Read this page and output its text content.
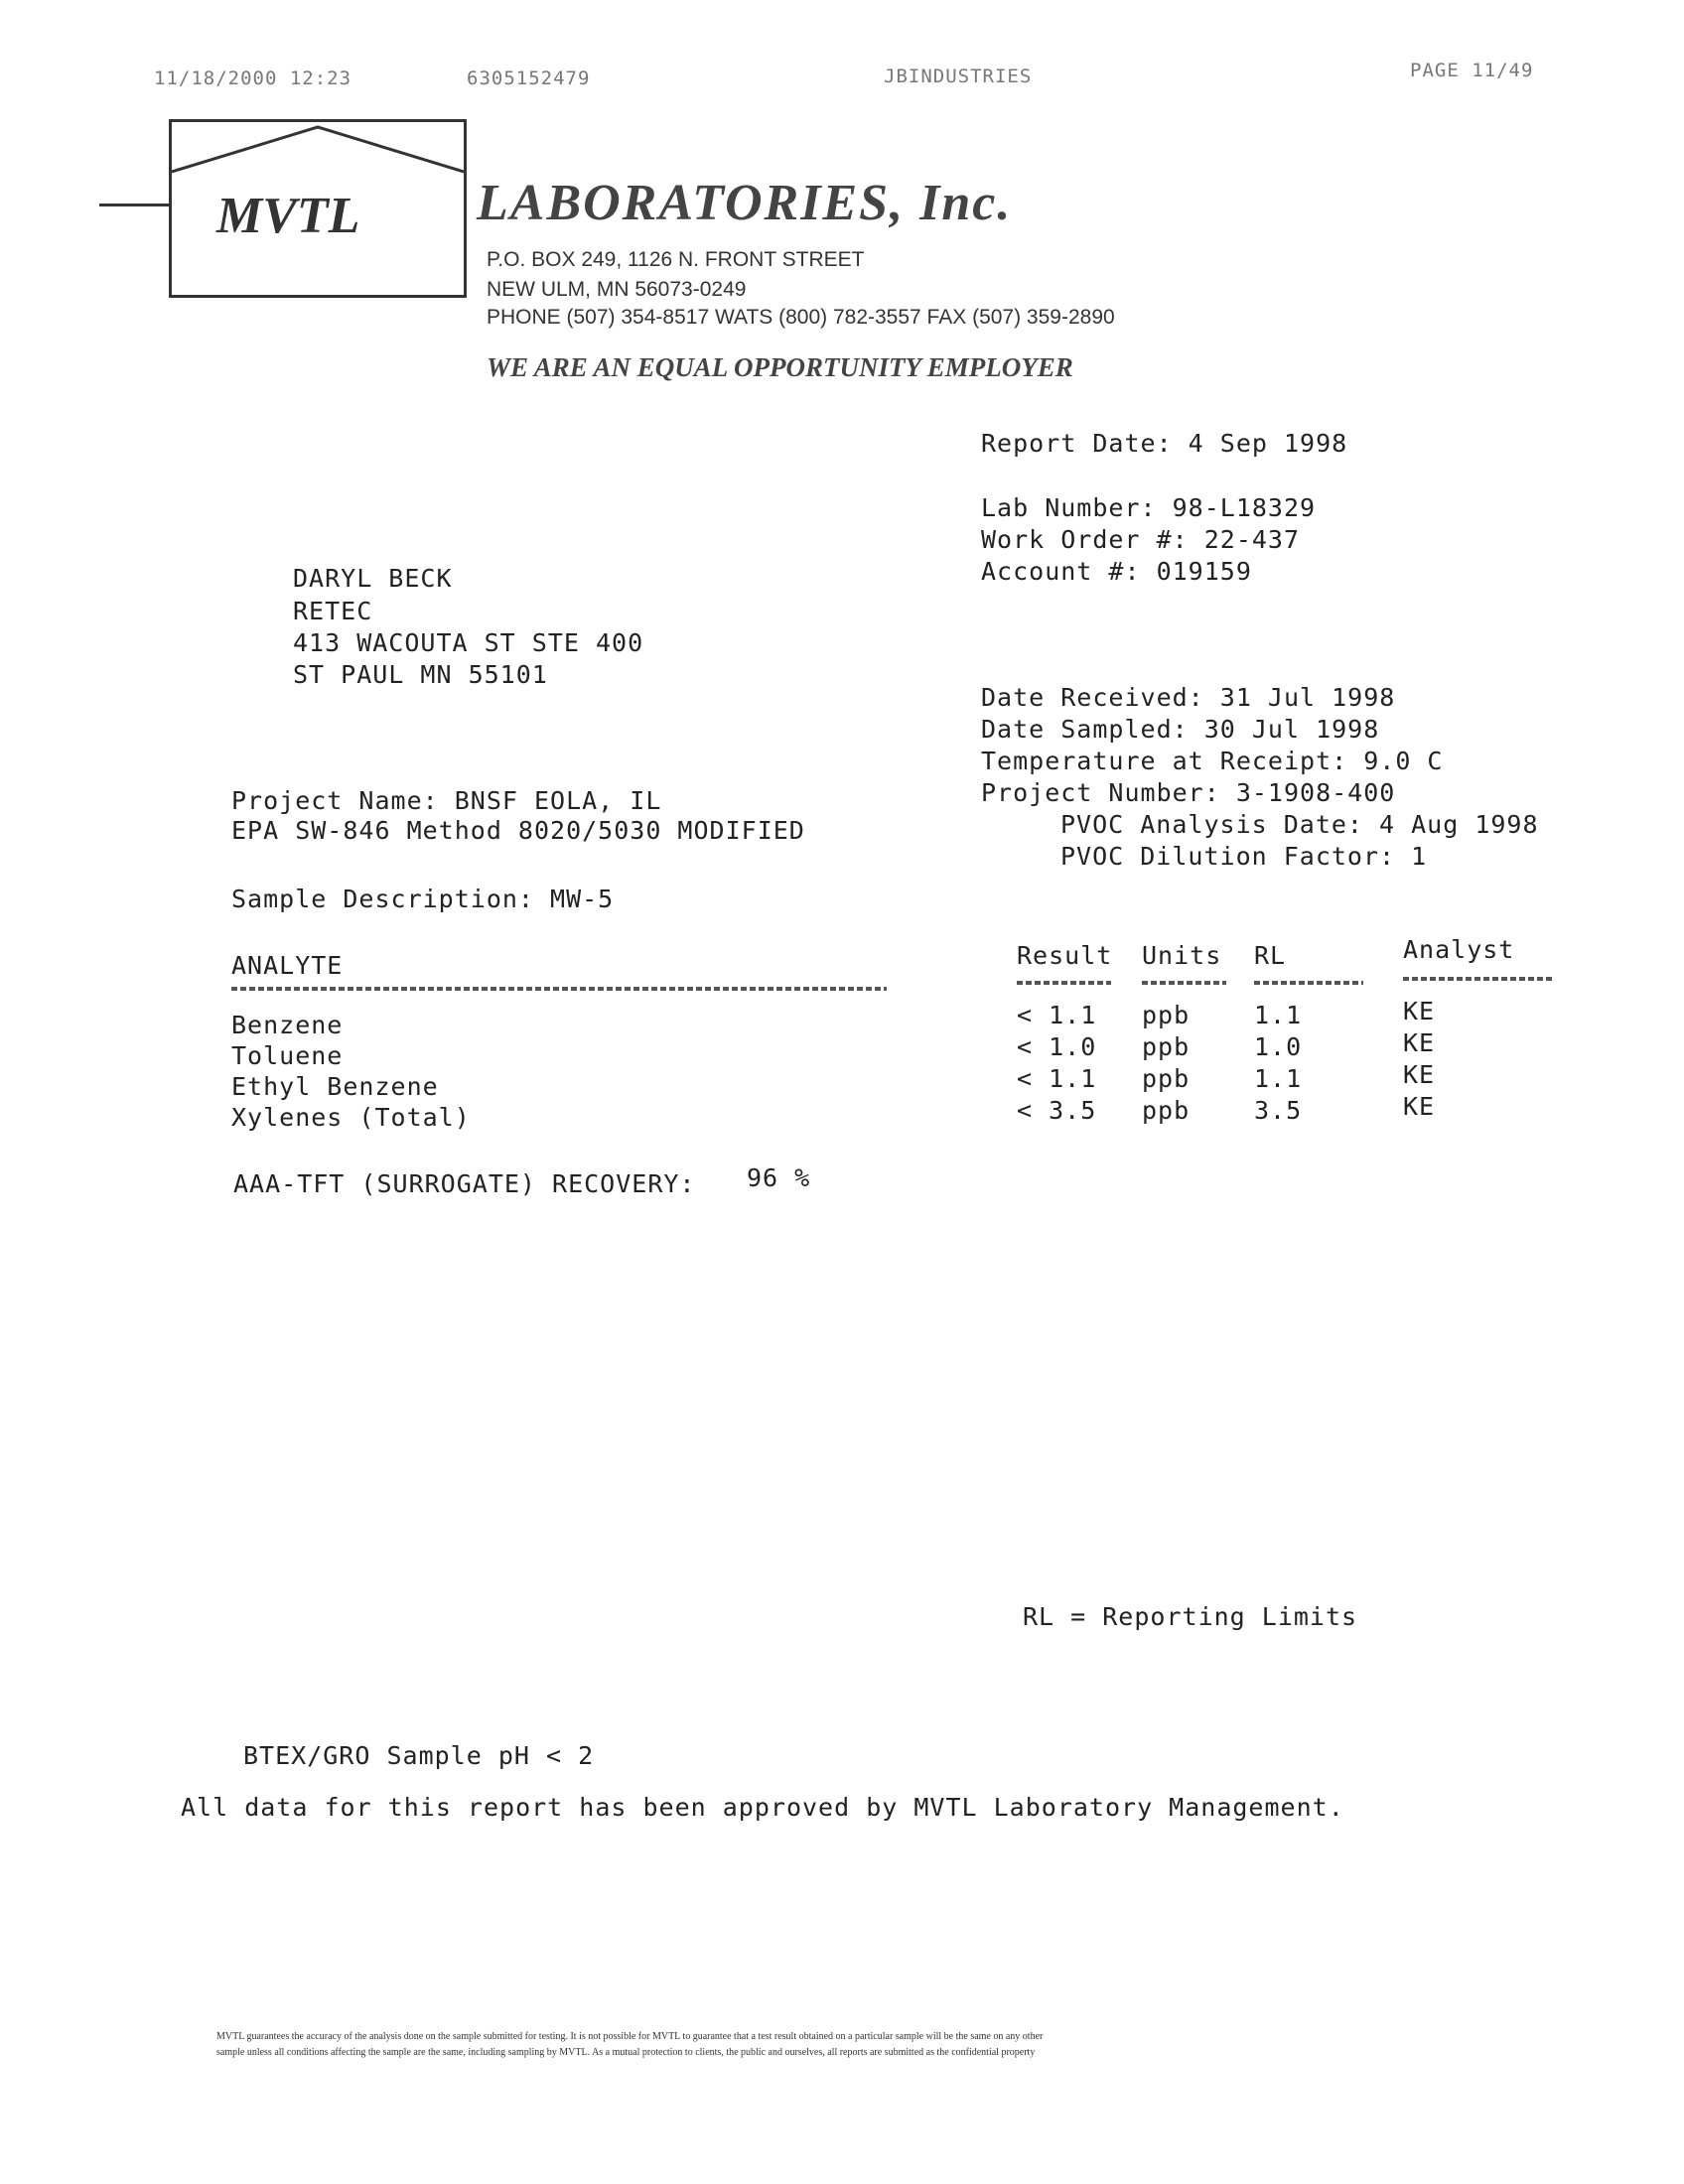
11/18/2000 12:23	6305152479	JBINDUSTRIES	PAGE 11/49
MVTL LABORATORIES, Inc.
P.O. BOX 249, 1126 N. FRONT STREET
NEW ULM, MN 56073-0249
PHONE (507) 354-8517 WATS (800) 782-3557 FAX (507) 359-2890
WE ARE AN EQUAL OPPORTUNITY EMPLOYER
Report Date: 4 Sep 1998
Lab Number: 98-L18329
Work Order #: 22-437
Account #: 019159
DARYL BECK
RETEC
413 WACOUTA ST STE 400
ST PAUL MN 55101
Date Received: 31 Jul 1998
Date Sampled: 30 Jul 1998
Temperature at Receipt: 9.0 C
Project Number: 3-1908-400
PVOC Analysis Date: 4 Aug 1998
PVOC Dilution Factor: 1
Project Name: BNSF EOLA, IL
EPA SW-846 Method 8020/5030 MODIFIED
Sample Description: MW-5
ANALYTE	Result Units RL	Analyst
Benzene	< 1.1 ppb	1.1	KE
Toluene	< 1.0 ppb	1.0	KE
Ethyl Benzene	< 1.1 ppb	1.1	KE
Xylenes (Total)	< 3.5 ppb	3.5	KE
AAA-TFT (SURROGATE) RECOVERY: 96 %
RL = Reporting Limits
BTEX/GRO Sample pH < 2
All data for this report has been approved by MVTL Laboratory Management.
MVTL guarantees the accuracy of the analysis done on the sample submitted for testing. It is not possible for MVTL to guarantee that a test result obtained on a particular sample will be the same on any other
sample unless all conditions affecting the sample are the same, including sampling by MVTL. As a mutual protection to clients, the public and ourselves, all reports are submitted as the confidential property
